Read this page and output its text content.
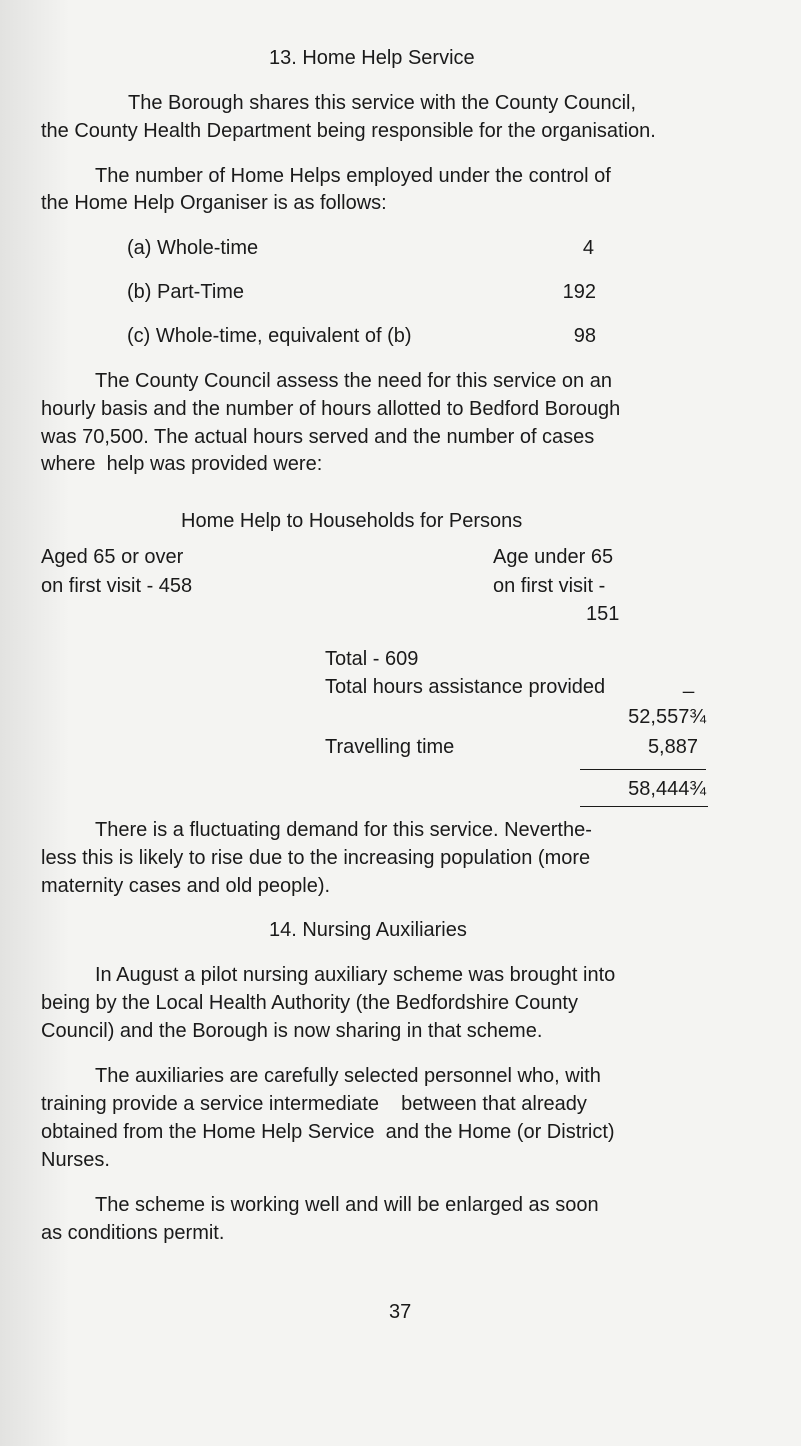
13. Home Help Service
The Borough shares this service with the County Council,
the County Health Department being responsible for the organisation.
The number of Home Helps employed under the control of
the Home Help Organiser is as follows:
(a) Whole-time	4
(b) Part-Time	192
(c) Whole-time, equivalent of (b)	98
The County Council assess the need for this service on an
hourly basis and the number of hours allotted to Bedford Borough
was 70,500. The actual hours served and the number of cases
where  help was provided were:
Home Help to Households for Persons
Aged 65 or over
on first visit - 458
Age under 65
on first visit -
151
Total - 609
Total hours assistance provided	_
52,557¾
Travelling time	5,887
58,444¾
There is a fluctuating demand for this service. Neverthe-
less this is likely to rise due to the increasing population (more
maternity cases and old people).
14. Nursing Auxiliaries
In August a pilot nursing auxiliary scheme was brought into
being by the Local Health Authority (the Bedfordshire County
Council) and the Borough is now sharing in that scheme.
The auxiliaries are carefully selected personnel who, with
training provide a service intermediate    between that already
obtained from the Home Help Service  and the Home (or District)
Nurses.
The scheme is working well and will be enlarged as soon
as conditions permit.
37
